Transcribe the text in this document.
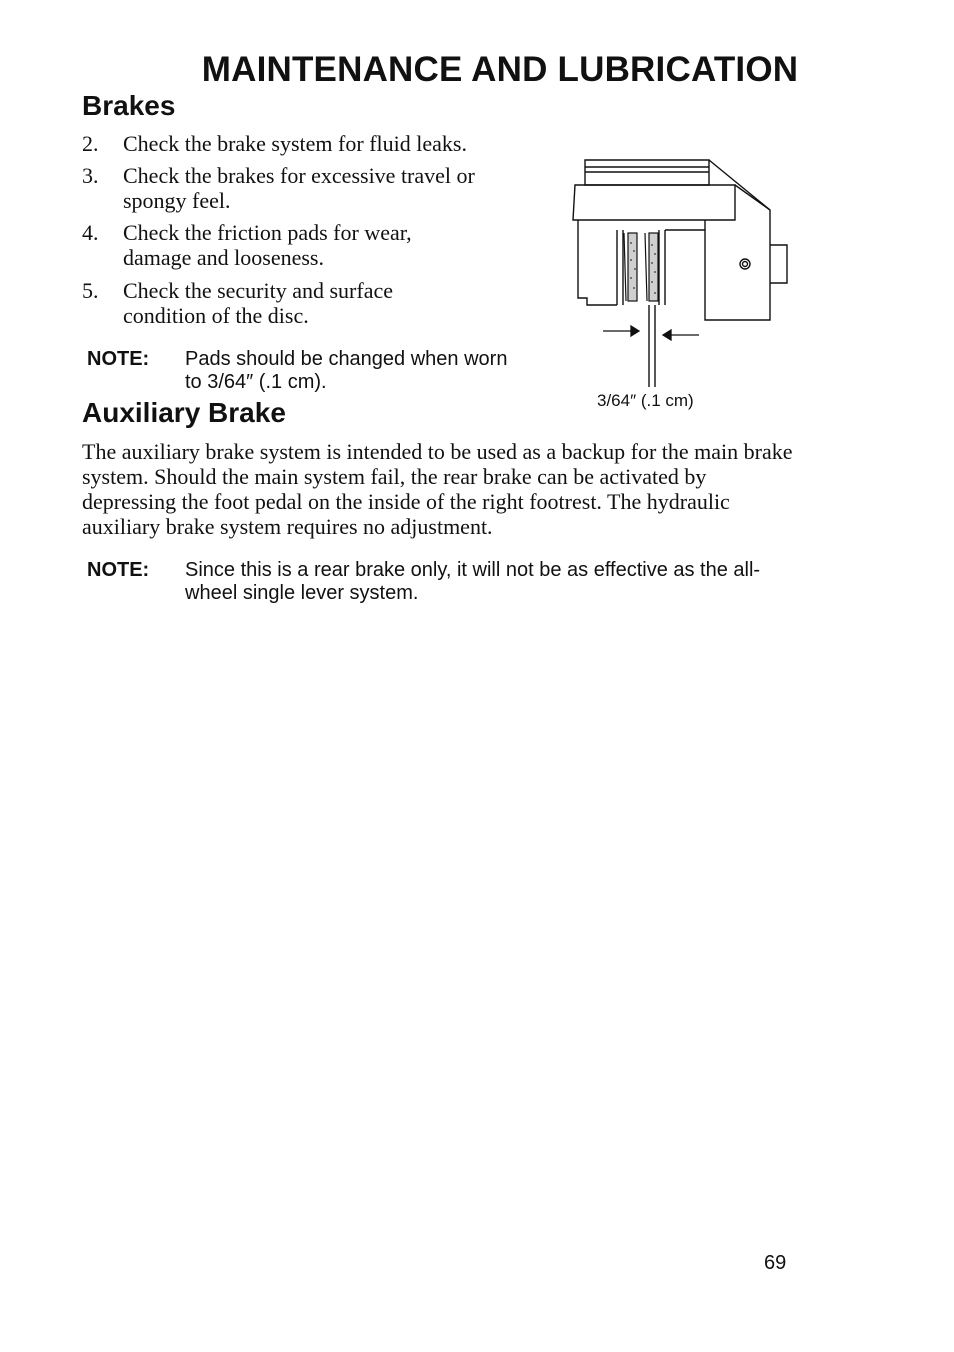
MAINTENANCE AND LUBRICATION
Brakes
2. Check the brake system for fluid leaks.
3. Check the brakes for excessive travel or spongy feel.
4. Check the friction pads for wear, damage and looseness.
5. Check the security and surface condition of the disc.
NOTE: Pads should be changed when worn to 3/64″ (.1 cm).
3/64″ (.1 cm)
Auxiliary Brake
The auxiliary brake system is intended to be used as a backup for the main brake system. Should the main system fail, the rear brake can be activated by depressing the foot pedal on the inside of the right footrest. The hydraulic auxiliary brake system requires no adjustment.
NOTE: Since this is a rear brake only, it will not be as effective as the all-wheel single lever system.
69
